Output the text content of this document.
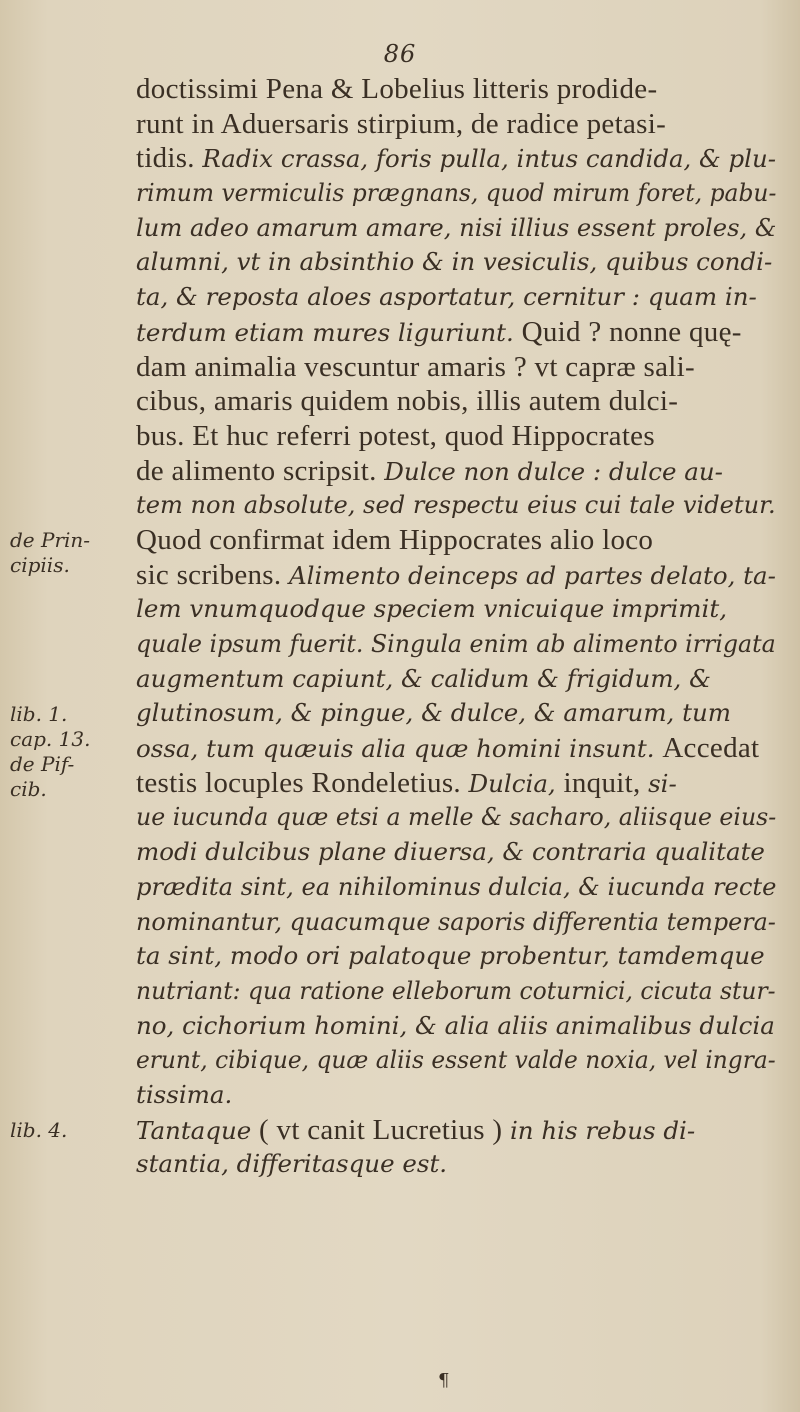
86
doctissimi Pena & Lobelius litteris prodide-
runt in Aduersaris stirpium, de radice petasi-
tidis. Radix crassa, foris pulla, intus candida, & plu-
rimum vermiculis prægnans, quod mirum foret, pabu-
lum adeo amarum amare, nisi illius essent proles, &
alumni, vt in absinthio & in vesiculis, quibus condi-
ta, & reposta aloes asportatur, cernitur : quam in-
terdum etiam mures liguriunt. Quid ? nonne quę-
dam animalia vescuntur amaris ? vt capræ sali-
cibus, amaris quidem nobis, illis autem dulci-
bus. Et huc referri potest, quod Hippocrates
de alimento scripsit. Dulce non dulce : dulce au-
tem non absolute, sed respectu eius cui tale videtur.
Quod confirmat idem Hippocrates alio loco
sic scribens. Alimento deinceps ad partes delato, ta-
lem vnumquodque speciem vnicuique imprimit,
quale ipsum fuerit. Singula enim ab alimento irrigata
augmentum capiunt, & calidum & frigidum, &
glutinosum, & pingue, & dulce, & amarum, tum
ossa, tum quæuis alia quæ homini insunt. Accedat
testis locuples Rondeletius. Dulcia, inquit, si-
ue iucunda quæ etsi a melle & sacharo, aliisque eius-
modi dulcibus plane diuersa, & contraria qualitate
prædita sint, ea nihilominus dulcia, & iucunda recte
nominantur, quacumque saporis differentia tempera-
ta sint, modo ori palatoque probentur, tamdemque
nutriant: qua ratione elleborum coturnici, cicuta stur-
no, cichorium homini, & alia aliis animalibus dulcia
erunt, cibique, quæ aliis essent valde noxia, vel ingra-
tissima.
Tantaque ( vt canit Lucretius ) in his rebus di-
stantia, differitasque est.
de Prin-
cipiis.
lib. 1.
cap. 13.
de Pif-
cib.
lib. 4.
¶
